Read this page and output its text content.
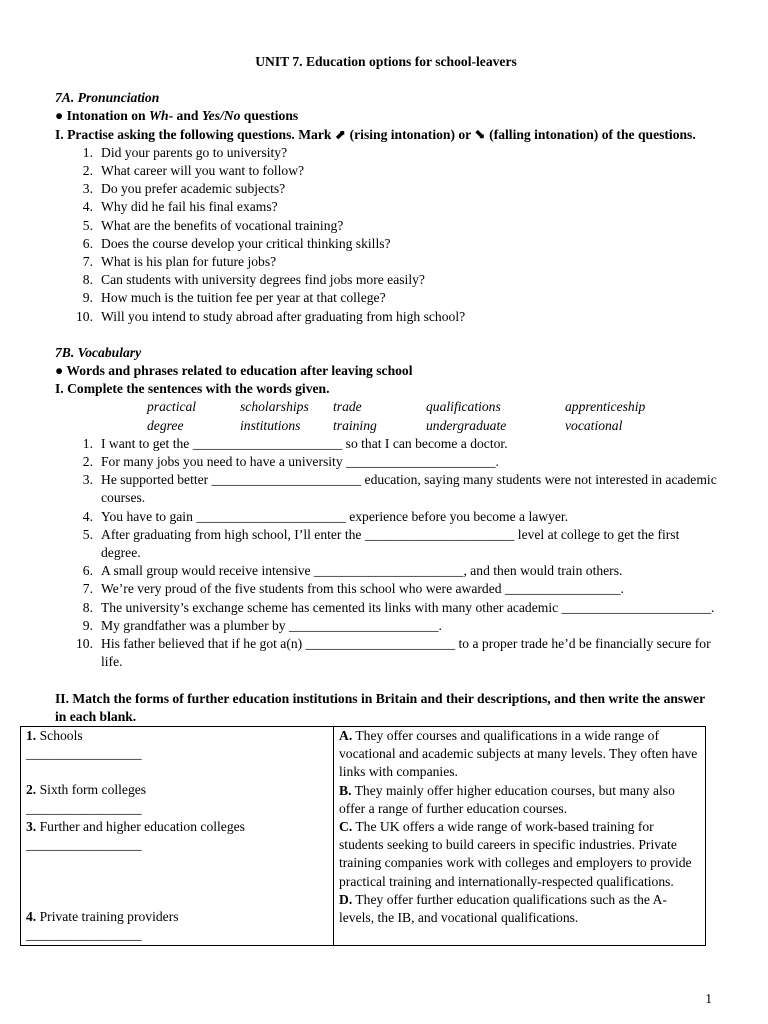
UNIT 7. Education options for school-leavers

7A. Pronunciation

● Intonation on Wh- and Yes/No questions

I. Practise asking the following questions. Mark ⬈ (rising intonation) or ⬊ (falling intonation) of the questions.

1. Did your parents go to university?
2. What career will you want to follow?
3. Do you prefer academic subjects?
4. Why did he fail his final exams?
5. What are the benefits of vocational training?
6. Does the course develop your critical thinking skills?
7. What is his plan for future jobs?
8. Can students with university degrees find jobs more easily?
9. How much is the tuition fee per year at that college?
10. Will you intend to study abroad after graduating from high school?

7B. Vocabulary

● Words and phrases related to education after leaving school

I. Complete the sentences with the words given.

practical	scholarships	trade	qualifications	apprenticeship
degree	institutions	training	undergraduate	vocational
1. I want to get the ______________________ so that I can become a doctor.
2. For many jobs you need to have a university ______________________.
3. He supported better ______________________ education, saying many students were not interested in academic courses.
4. You have to gain ______________________ experience before you become a lawyer.
5. After graduating from high school, I’ll enter the ______________________ level at college to get the first degree.
6. A small group would receive intensive ______________________, and then would train others.
7. We’re very proud of the five students from this school who were awarded _________________.
8. The university’s exchange scheme has cemented its links with many other academic ______________________.
9. My grandfather was a plumber by ______________________.
10. His father believed that if he got a(n) ______________________ to a proper trade he’d be financially secure for life.

II. Match the forms of further education institutions in Britain and their descriptions, and then write the answer in each blank.

1. Schools
_________________
2. Sixth form colleges
_________________
3. Further and higher education colleges
_________________
4. Private training providers
_________________

A. They offer courses and qualifications in a wide range of vocational and academic subjects at many levels. They often have links with companies.
B. They mainly offer higher education courses, but many also offer a range of further education courses.
C. The UK offers a wide range of work-based training for students seeking to build careers in specific industries. Private training companies work with colleges and employers to provide practical training and internationally-respected qualifications.
D. They offer further education qualifications such as the A-levels, the IB, and vocational qualifications.
1
